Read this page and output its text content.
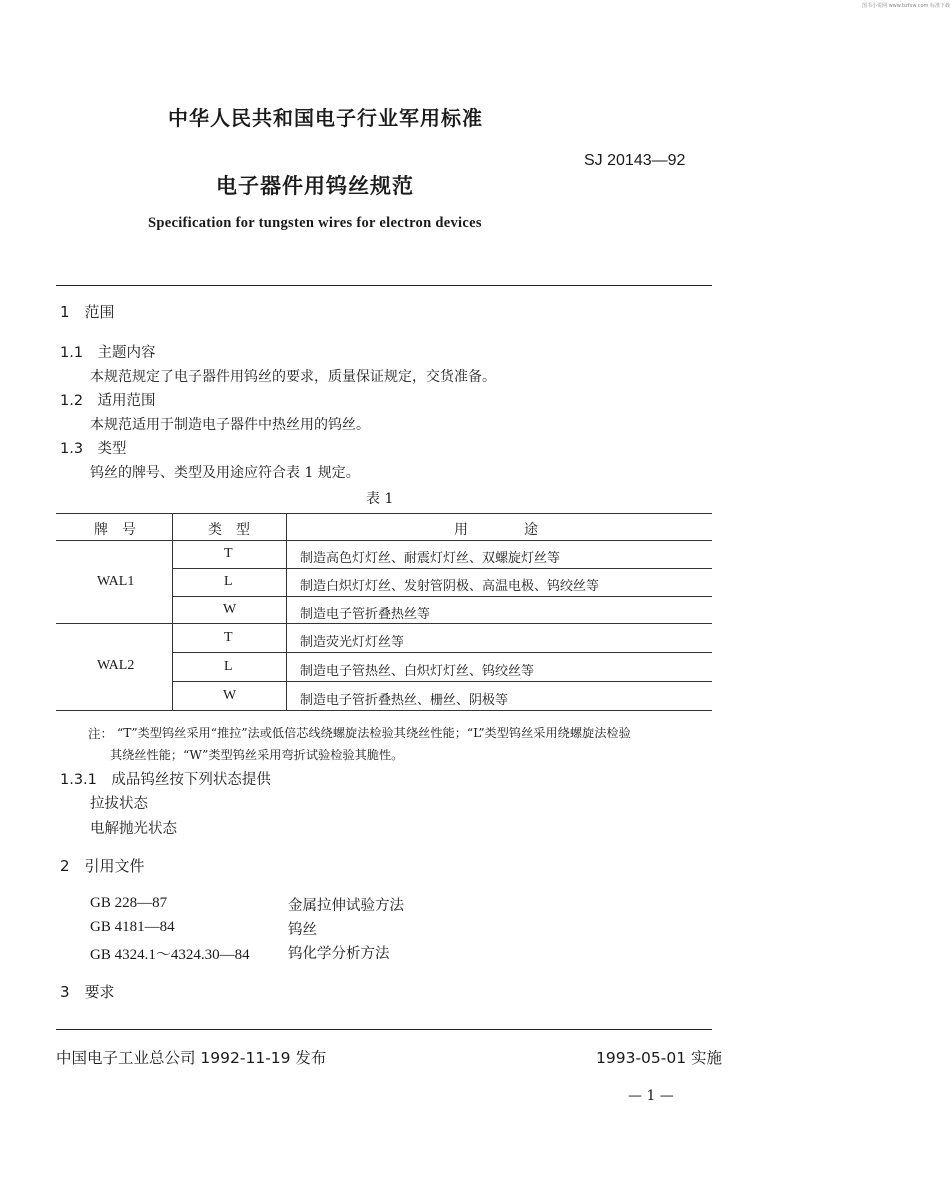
图书小说网 www.bzfxw.com 标准下载
中华人民共和国电子行业军用标准
SJ 20143—92
电子器件用钨丝规范
Specification for tungsten wires for electron devices
1　范围
1.1　主题内容
本规范规定了电子器件用钨丝的要求，质量保证规定，交货准备。
1.2　适用范围
本规范适用于制造电子器件中热丝用的钨丝。
1.3　类型
钨丝的牌号、类型及用途应符合表 1 规定。
表 1
牌　号	类　型	用　　　　途
WAL1
T	制造高色灯灯丝、耐震灯灯丝、双螺旋灯丝等
L	制造白炽灯灯丝、发射管阴极、高温电极、钨绞丝等
W	制造电子管折叠热丝等
WAL2
T	制造荧光灯灯丝等
L	制造电子管热丝、白炽灯灯丝、钨绞丝等
W	制造电子管折叠热丝、栅丝、阴极等
注： “T”类型钨丝采用“推拉”法或低倍芯线绕螺旋法检验其绕丝性能；“L”类型钨丝采用绕螺旋法检验
其绕丝性能；“W”类型钨丝采用弯折试验检验其脆性。
1.3.1　成品钨丝按下列状态提供
拉拔状态
电解抛光状态
2　引用文件
GB 228—87	金属拉伸试验方法
GB 4181—84	钨丝
GB 4324.1～4324.30—84	钨化学分析方法
3　要求
中国电子工业总公司 1992-11-19 发布	1993-05-01 实施
— 1 —
